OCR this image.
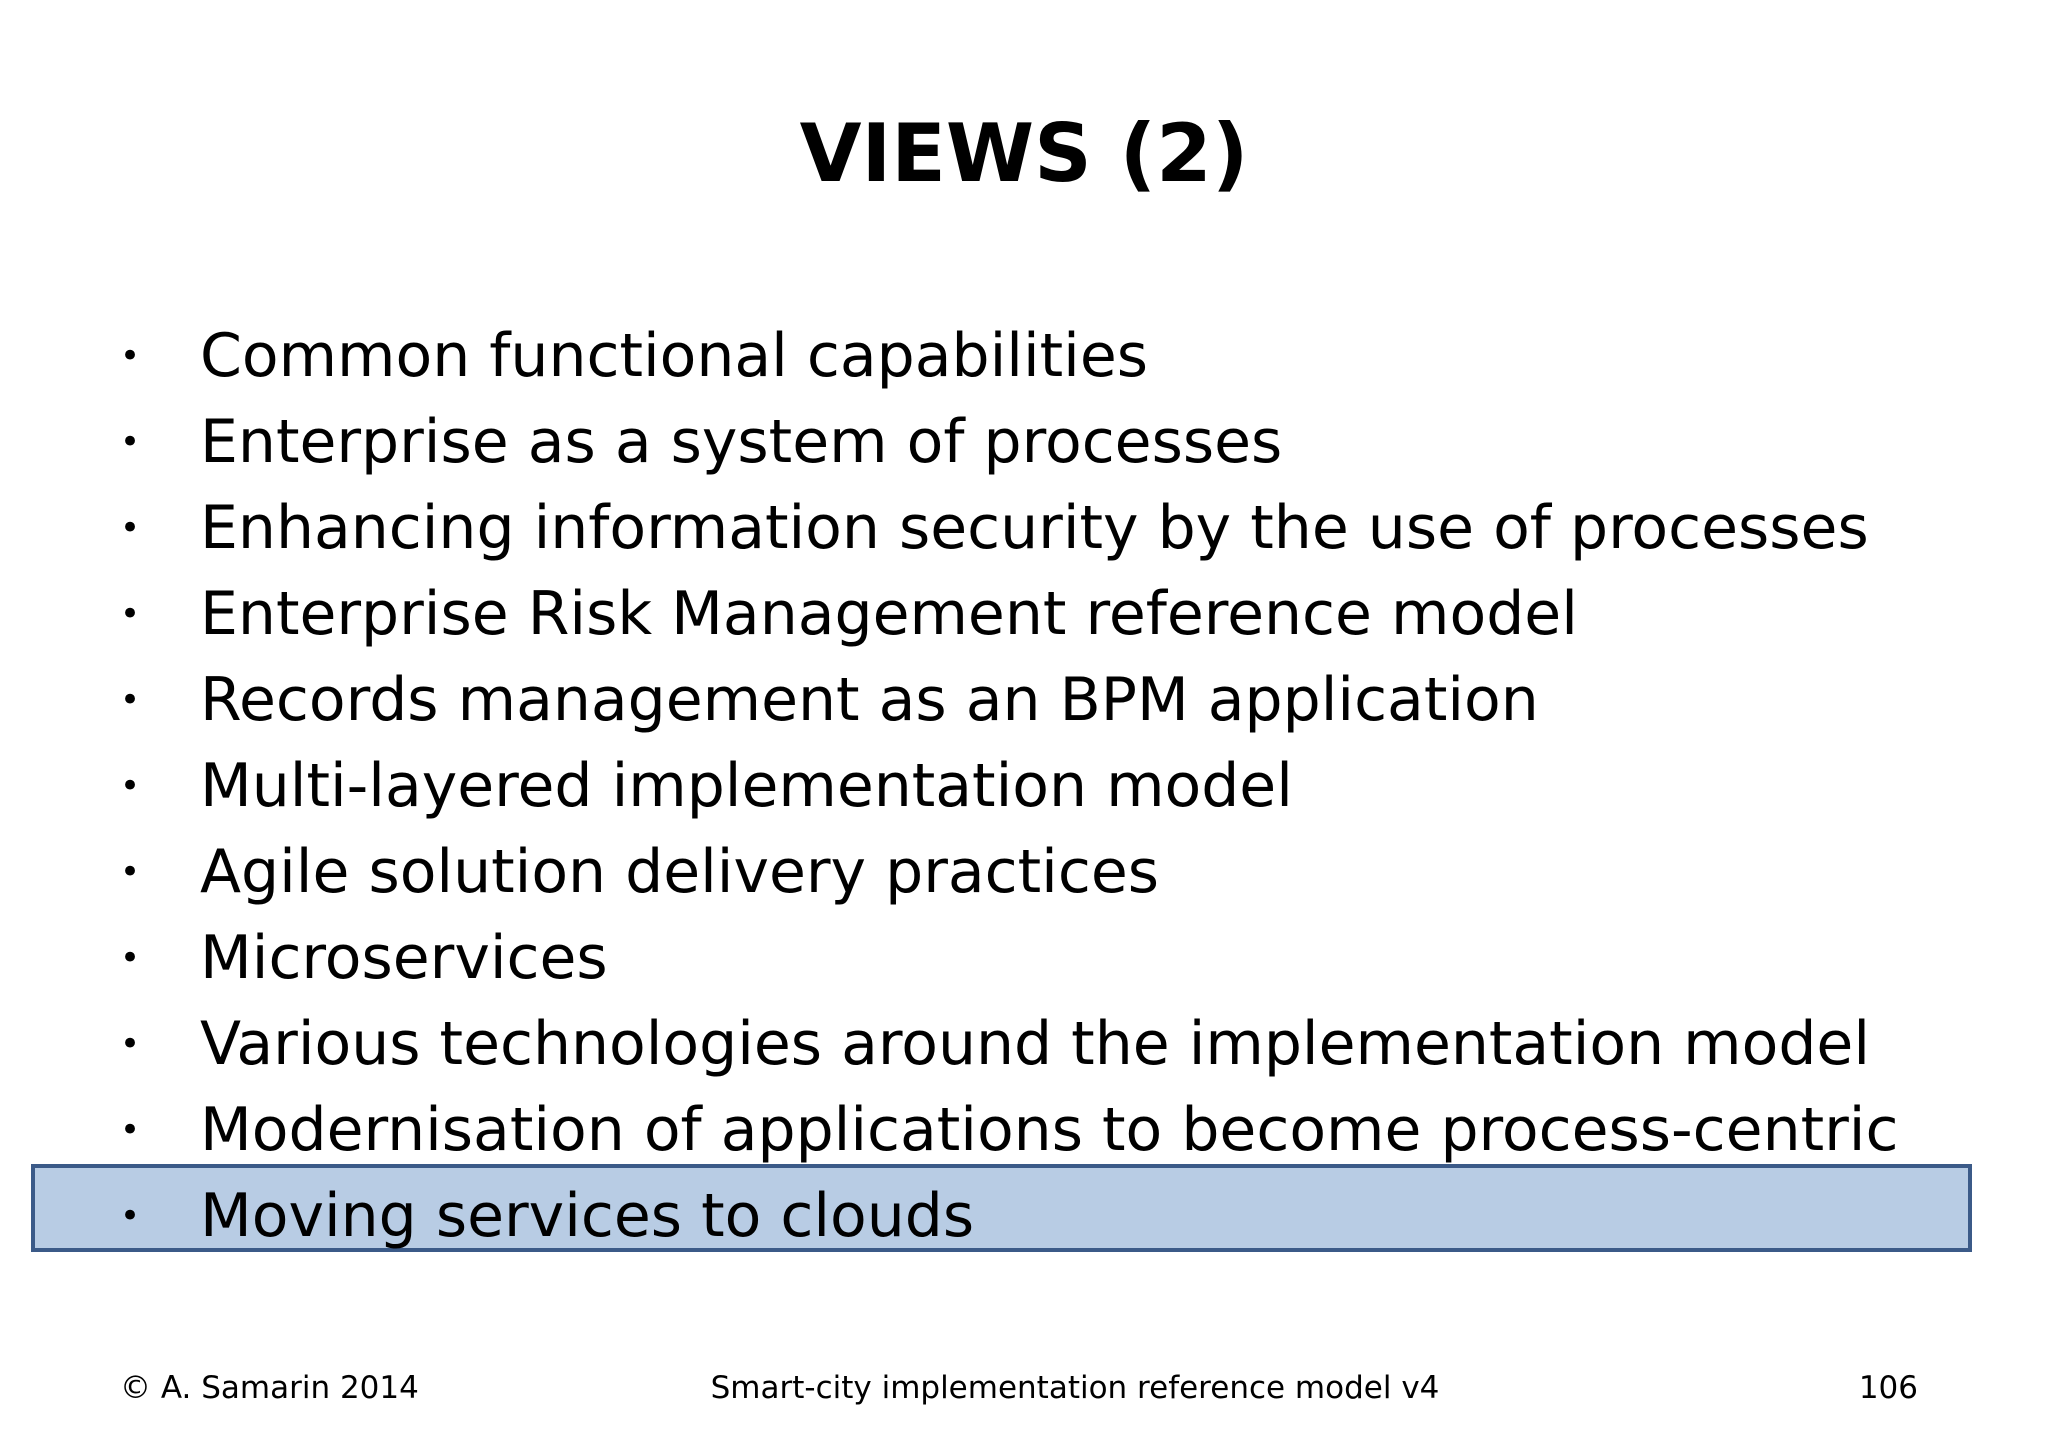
VIEWS (2)
• Common functional capabilities
• Enterprise as a system of processes
• Enhancing information security by the use of processes
• Enterprise Risk Management reference model
• Records management as an BPM application
• Multi-layered implementation model
• Agile solution delivery practices
• Microservices
• Various technologies around the implementation model
• Modernisation of applications to become process-centric
• Moving services to clouds
© A. Samarin 2014	Smart-city implementation reference model v4	106
